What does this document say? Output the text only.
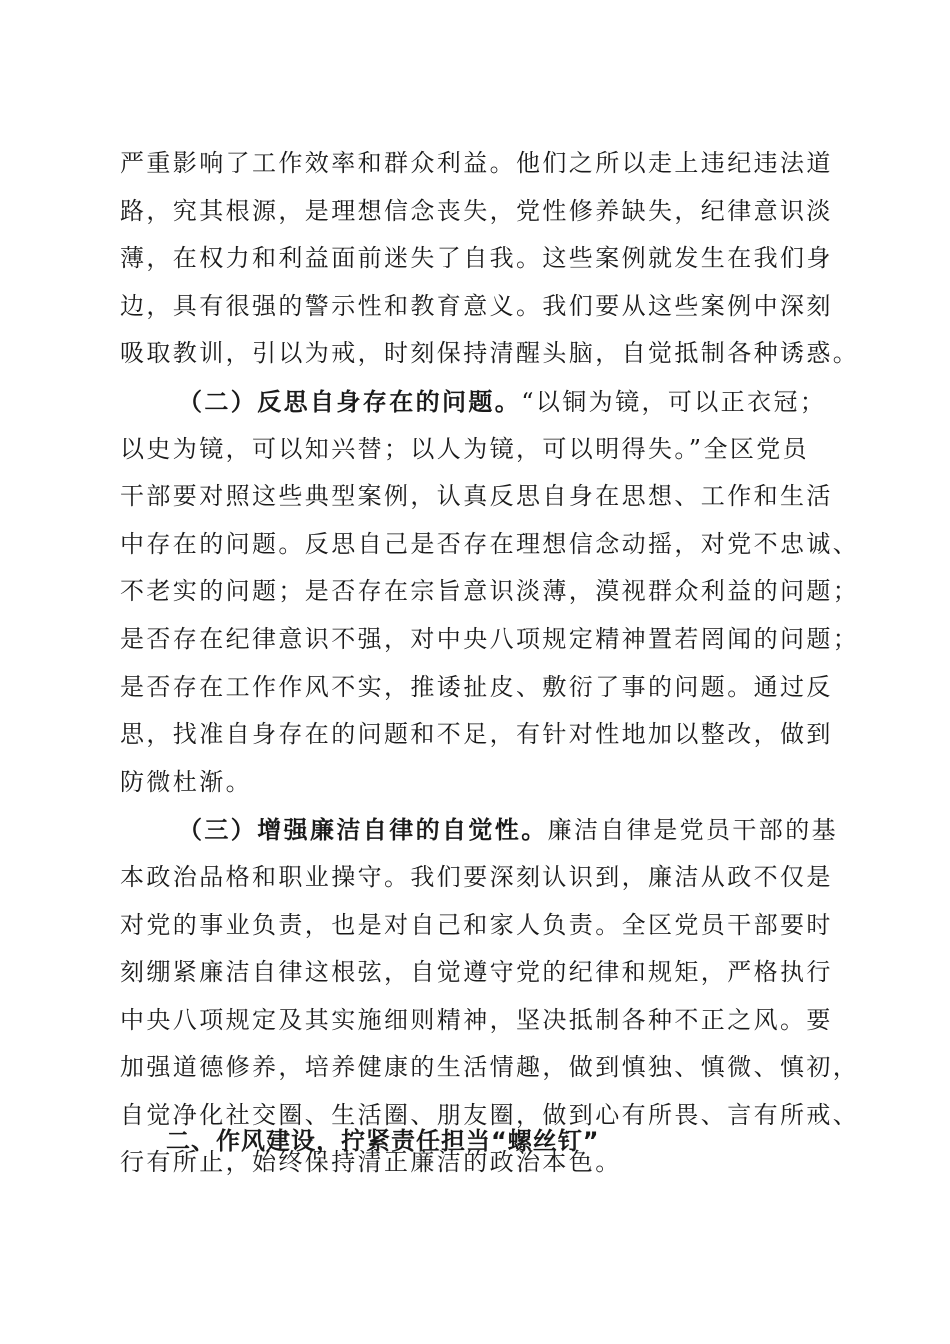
严重影响了工作效率和群众利益。他们之所以走上违纪违法道
路，究其根源，是理想信念丧失，党性修养缺失，纪律意识淡
薄，在权力和利益面前迷失了自我。这些案例就发生在我们身
边，具有很强的警示性和教育意义。我们要从这些案例中深刻
吸取教训，引以为戒，时刻保持清醒头脑，自觉抵制各种诱惑。
（二）反思自身存在的问题。“以铜为镜，可以正衣冠；
以史为镜，可以知兴替；以人为镜，可以明得失。”全区党员
干部要对照这些典型案例，认真反思自身在思想、工作和生活
中存在的问题。反思自己是否存在理想信念动摇，对党不忠诚、
不老实的问题；是否存在宗旨意识淡薄，漠视群众利益的问题；
是否存在纪律意识不强，对中央八项规定精神置若罔闻的问题；
是否存在工作作风不实，推诿扯皮、敷衍了事的问题。通过反
思，找准自身存在的问题和不足，有针对性地加以整改，做到
防微杜渐。
（三）增强廉洁自律的自觉性。廉洁自律是党员干部的基
本政治品格和职业操守。我们要深刻认识到，廉洁从政不仅是
对党的事业负责，也是对自己和家人负责。全区党员干部要时
刻绷紧廉洁自律这根弦，自觉遵守党的纪律和规矩，严格执行
中央八项规定及其实施细则精神，坚决抵制各种不正之风。要
加强道德修养，培养健康的生活情趣，做到慎独、慎微、慎初，
自觉净化社交圈、生活圈、朋友圈，做到心有所畏、言有所戒、
行有所止，始终保持清正廉洁的政治本色。
二、作风建设，拧紧责任担当“螺丝钉”
